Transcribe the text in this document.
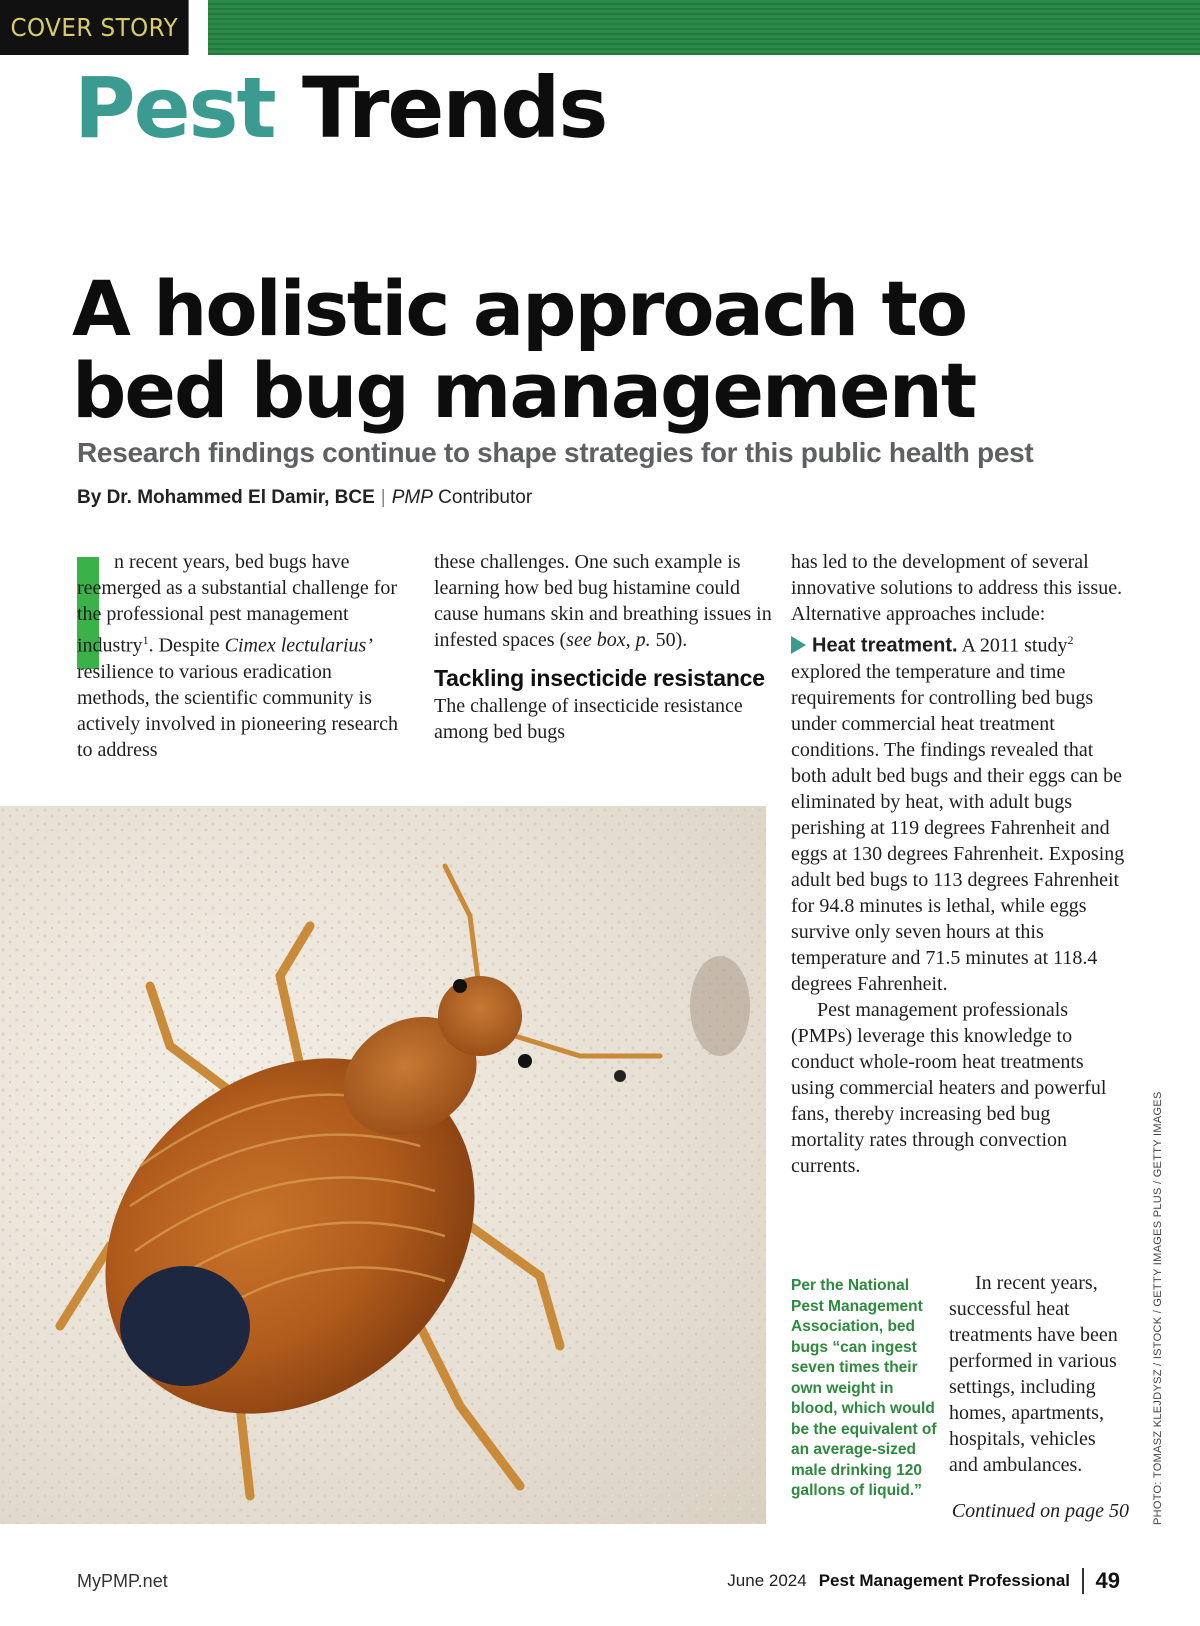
COVER STORY
Pest Trends
A holistic approach to
bed bug management

Research findings continue to shape strategies for this public health pest

By Dr. Mohammed El Damir, BCE | PMP Contributor

n recent years, bed bugs have reemerged as a substantial challenge for the professional pest management industry$^1$. Despite Cimex lectularius’ resilience to various eradication methods, the scientific community is actively involved in pioneering research to address

these challenges. One such example is learning how bed bug histamine could cause humans skin and breathing issues in infested spaces (see box, p. 50).

Tackling insecticide resistance

The challenge of insecticide resistance among bed bugs

has led to the development of several innovative solutions to address this issue. Alternative approaches include:

Heat treatment. A 2011 study$^2$ explored the temperature and time requirements for controlling bed bugs under commercial heat treatment conditions. The findings revealed that both adult bed bugs and their eggs can be eliminated by heat, with adult bugs perishing at 119 degrees Fahrenheit and eggs at 130 degrees Fahrenheit. Exposing adult bed bugs to 113 degrees Fahrenheit for 94.8 minutes is lethal, while eggs survive only seven hours at this temperature and 71.5 minutes at 118.4 degrees Fahrenheit.

Pest management professionals (PMPs) leverage this knowledge to conduct whole-room heat treatments using commercial heaters and powerful fans, thereby increasing bed bug mortality rates through convection currents.

Per the National Pest Management Association, bed bugs “can ingest seven times their own weight in blood, which would be the equivalent of an average-sized male drinking 120 gallons of liquid.”

In recent years, successful heat treatments have been performed in various settings, including homes, apartments, hospitals, vehicles and ambulances.

Continued on page 50 PHOTO: TOMASZ KLEJDYSZ / ISTOCK / GETTY IMAGES PLUS / GETTY IMAGES
MyPMP.net	June 2024 Pest Management Professional 49
